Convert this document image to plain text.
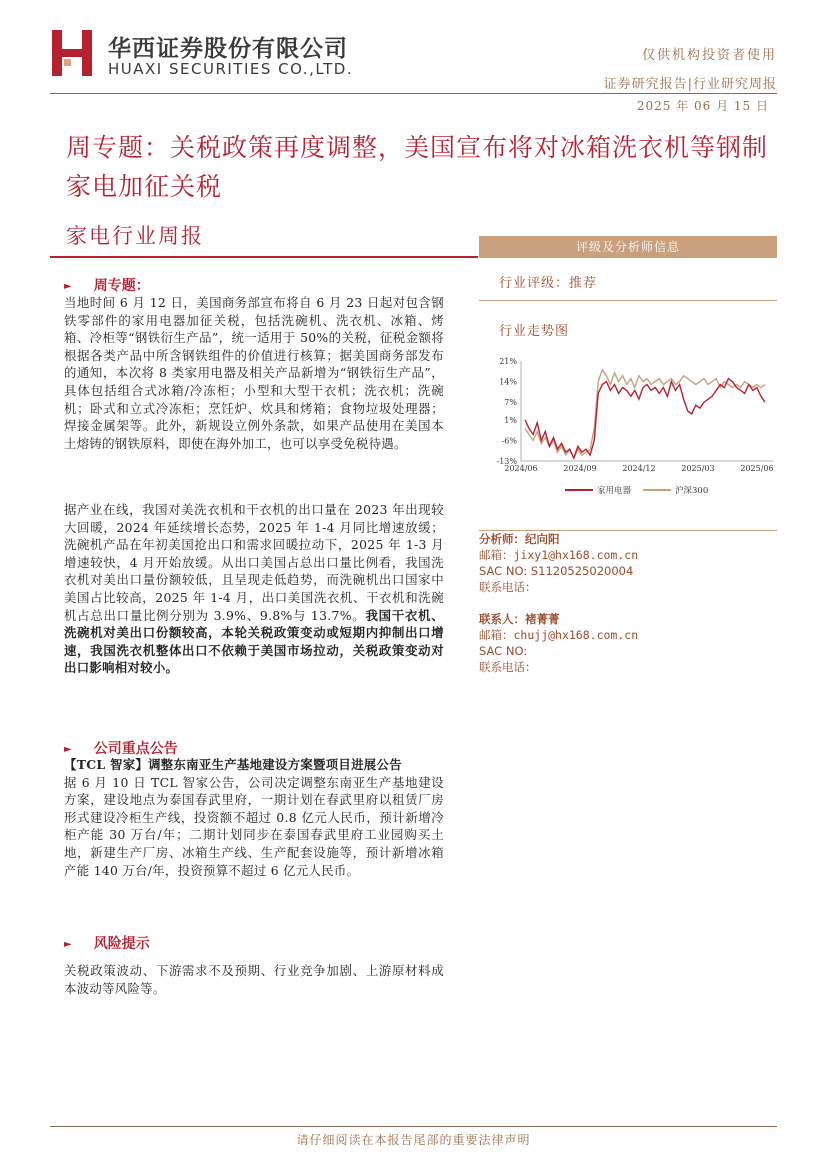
华西证券股份有限公司
HUAXI SECURITIES CO.,LTD.
仅供机构投资者使用
证券研究报告|行业研究周报
2025 年 06 月 15 日
周专题：关税政策再度调整，美国宣布将对冰箱洗衣机等钢制家电加征关税
家电行业周报	评级及分析师信息
行业评级：推荐
行业走势图
21%
14%
7%
1%
-6%
-13%
2024/06	2024/09	2024/12	2025/03	2025/06
家用电器	沪深300
分析师：纪向阳
邮箱：jixy1@hx168.com.cn
SAC NO: S1120525020004
联系电话：
联系人：褚菁菁
邮箱：chujj@hx168.com.cn
SAC NO:
联系电话：
► 周专题：
当地时间 6 月 12 日，美国商务部宣布将自 6 月 23 日起对包含钢铁零部件的家用电器加征关税，包括洗碗机、洗衣机、冰箱、烤箱、冷柜等“钢铁衍生产品”，统一适用于 50%的关税，征税金额将根据各类产品中所含钢铁组件的价值进行核算；据美国商务部发布的通知，本次将 8 类家用电器及相关产品新增为“钢铁衍生产品”，具体包括组合式冰箱/冷冻柜；小型和大型干衣机；洗衣机；洗碗机；卧式和立式冷冻柜；烹饪炉、炊具和烤箱；食物垃圾处理器；焊接金属架等。此外，新规设立例外条款，如果产品使用在美国本土熔铸的钢铁原料，即使在海外加工，也可以享受免税待遇。
据产业在线，我国对美洗衣机和干衣机的出口量在 2023 年出现较大回暖，2024 年延续增长态势，2025 年 1-4 月同比增速放缓；洗碗机产品在年初美国抢出口和需求回暖拉动下，2025 年 1-3 月增速较快，4 月开始放缓。从出口美国占总出口量比例看，我国洗衣机对美出口量份额较低，且呈现走低趋势，而洗碗机出口国家中美国占比较高，2025 年 1-4 月，出口美国洗衣机、干衣机和洗碗机占总出口量比例分别为 3.9%、9.8%与 13.7%。我国干衣机、洗碗机对美出口份额较高，本轮关税政策变动或短期内抑制出口增速，我国洗衣机整体出口不依赖于美国市场拉动，关税政策变动对出口影响相对较小。
► 公司重点公告
【TCL 智家】调整东南亚生产基地建设方案暨项目进展公告
据 6 月 10 日 TCL 智家公告，公司决定调整东南亚生产基地建设方案，建设地点为泰国春武里府，一期计划在春武里府以租赁厂房形式建设冷柜生产线，投资额不超过 0.8 亿元人民币，预计新增冷柜产能 30 万台/年；二期计划同步在泰国春武里府工业园购买土地，新建生产厂房、冰箱生产线、生产配套设施等，预计新增冰箱产能 140 万台/年，投资预算不超过 6 亿元人民币。
► 风险提示
关税政策波动、下游需求不及预期、行业竞争加剧、上游原材料成本波动等风险等。
请仔细阅读在本报告尾部的重要法律声明
